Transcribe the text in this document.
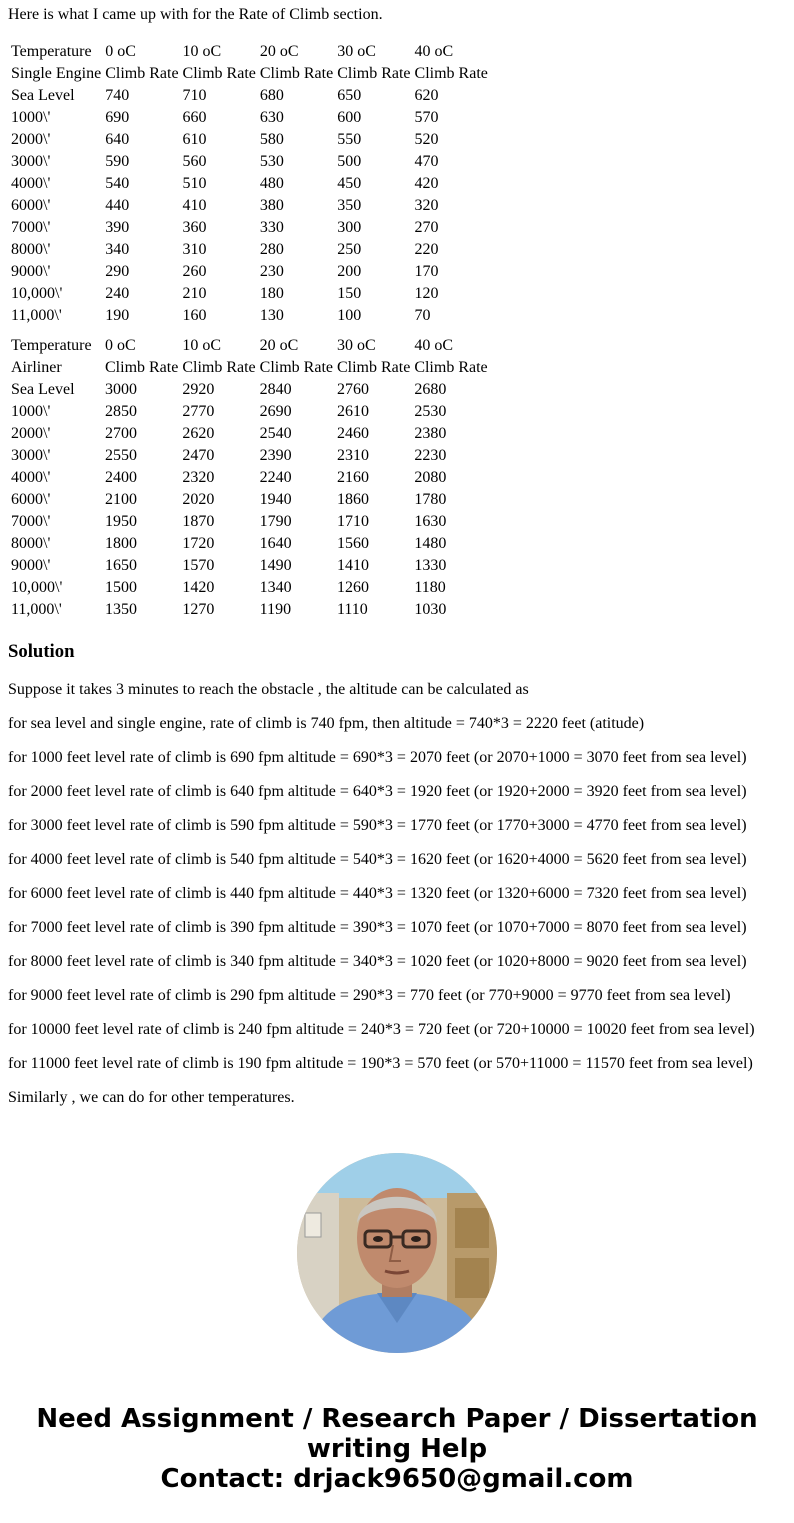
Here is what I came up with for the Rate of Climb section.

Temperature	0 oC	10 oC	20 oC	30 oC	40 oC
Single Engine	Climb Rate	Climb Rate	Climb Rate	Climb Rate	Climb Rate
Sea Level	740	710	680	650	620
1000\'	690	660	630	600	570
2000\'	640	610	580	550	520
3000\'	590	560	530	500	470
4000\'	540	510	480	450	420
6000\'	440	410	380	350	320
7000\'	390	360	330	300	270
8000\'	340	310	280	250	220
9000\'	290	260	230	200	170
10,000\'	240	210	180	150	120
11,000\'	190	160	130	100	70
Temperature	0 oC	10 oC	20 oC	30 oC	40 oC
Airliner	Climb Rate	Climb Rate	Climb Rate	Climb Rate	Climb Rate
Sea Level	3000	2920	2840	2760	2680
1000\'	2850	2770	2690	2610	2530
2000\'	2700	2620	2540	2460	2380
3000\'	2550	2470	2390	2310	2230
4000\'	2400	2320	2240	2160	2080
6000\'	2100	2020	1940	1860	1780
7000\'	1950	1870	1790	1710	1630
8000\'	1800	1720	1640	1560	1480
9000\'	1650	1570	1490	1410	1330
10,000\'	1500	1420	1340	1260	1180
11,000\'	1350	1270	1190	1110	1030
Solution

Suppose it takes 3 minutes to reach the obstacle , the altitude can be calculated as

for sea level and single engine, rate of climb is 740 fpm, then altitude = 740*3 = 2220 feet (atitude)

for 1000 feet level rate of climb is 690 fpm altitude = 690*3 = 2070 feet (or 2070+1000 = 3070 feet from sea level)

for 2000 feet level rate of climb is 640 fpm altitude = 640*3 = 1920 feet (or 1920+2000 = 3920 feet from sea level)

for 3000 feet level rate of climb is 590 fpm altitude = 590*3 = 1770 feet (or 1770+3000 = 4770 feet from sea level)

for 4000 feet level rate of climb is 540 fpm altitude = 540*3 = 1620 feet (or 1620+4000 = 5620 feet from sea level)

for 6000 feet level rate of climb is 440 fpm altitude = 440*3 = 1320 feet (or 1320+6000 = 7320 feet from sea level)

for 7000 feet level rate of climb is 390 fpm altitude = 390*3 = 1070 feet (or 1070+7000 = 8070 feet from sea level)

for 8000 feet level rate of climb is 340 fpm altitude = 340*3 = 1020 feet (or 1020+8000 = 9020 feet from sea level)

for 9000 feet level rate of climb is 290 fpm altitude = 290*3 = 770 feet (or 770+9000 = 9770 feet from sea level)

for 10000 feet level rate of climb is 240 fpm altitude = 240*3 = 720 feet (or 720+10000 = 10020 feet from sea level)

for 11000 feet level rate of climb is 190 fpm altitude = 190*3 = 570 feet (or 570+11000 = 11570 feet from sea level)

Similarly , we can do for other temperatures.

Need Assignment / Research Paper / Dissertation
writing Help
Contact: drjack9650@gmail.com
